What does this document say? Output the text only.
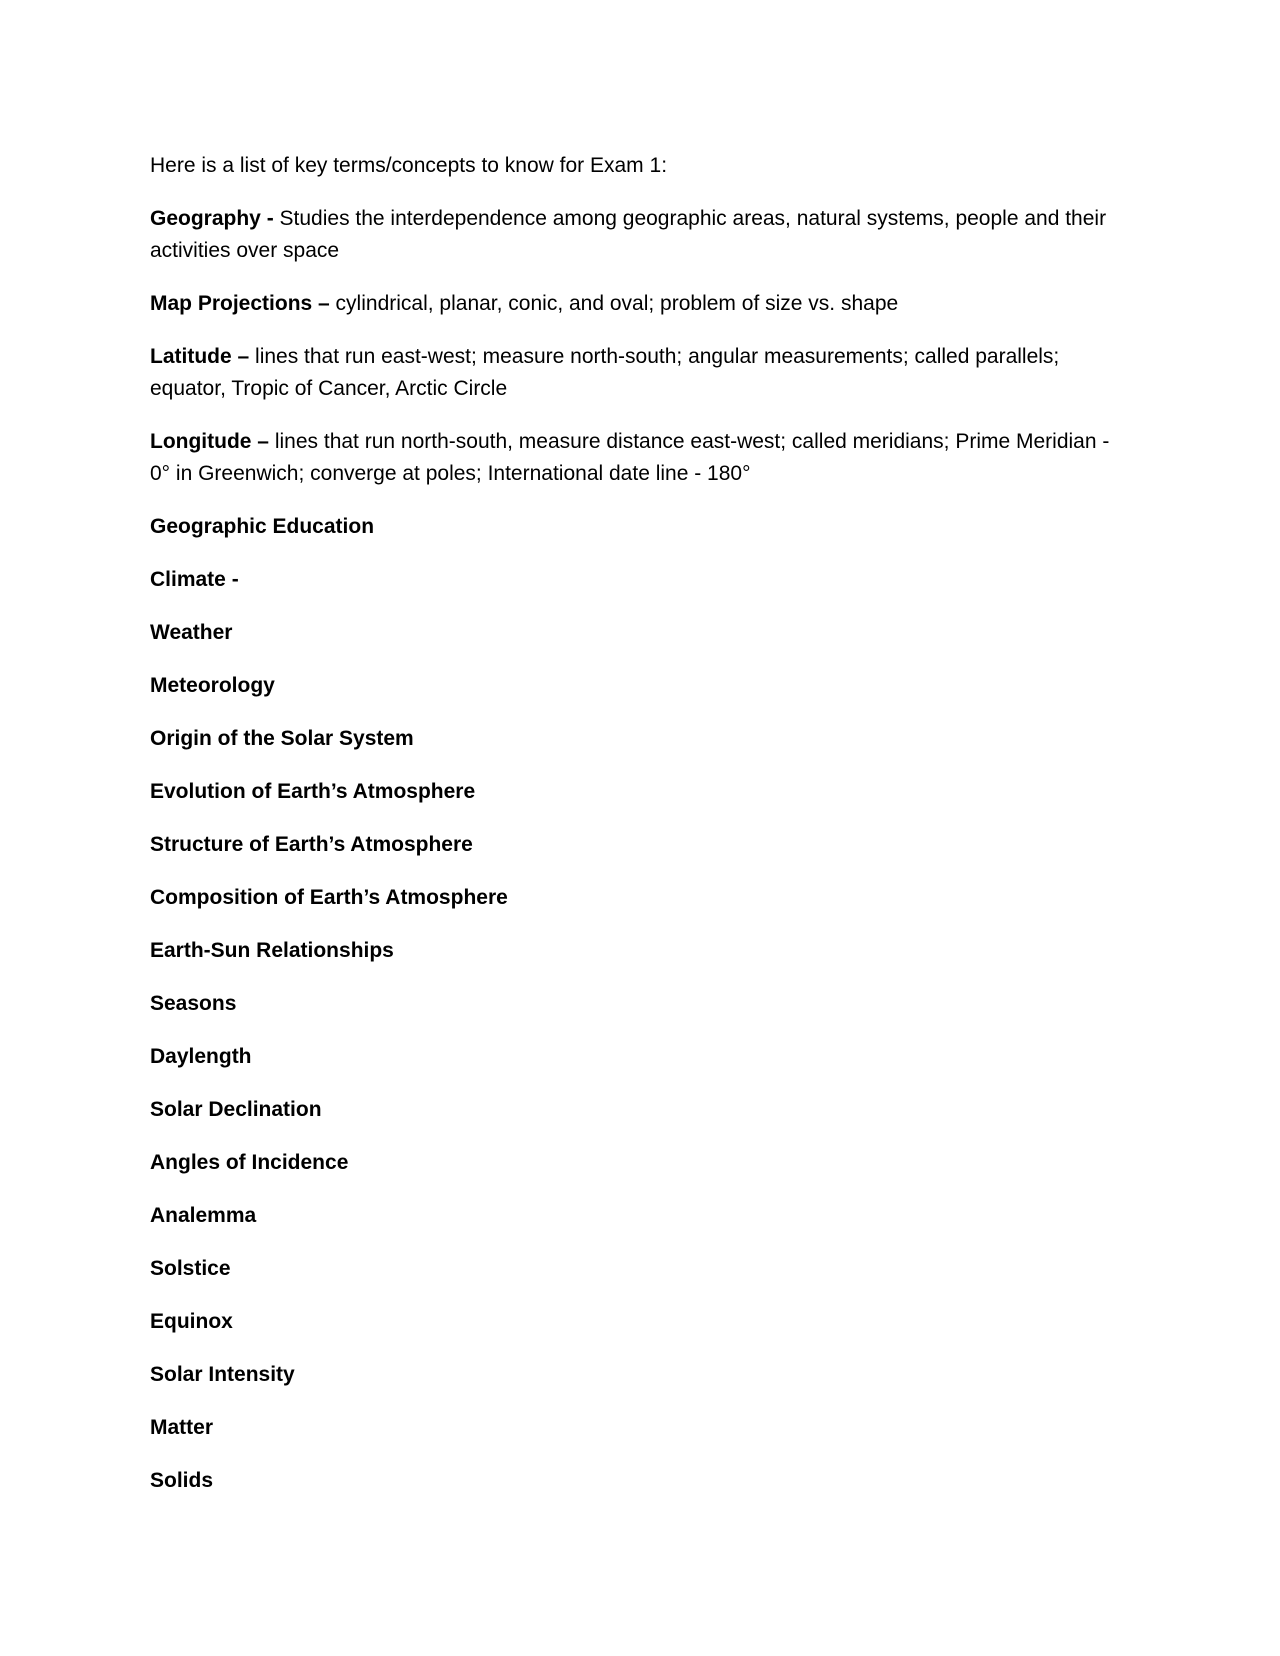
Here is a list of key terms/concepts to know for Exam 1:

Geography - Studies the interdependence among geographic areas, natural systems, people and their activities over space

Map Projections – cylindrical, planar, conic, and oval; problem of size vs. shape

Latitude – lines that run east-west; measure north-south; angular measurements; called parallels; equator, Tropic of Cancer, Arctic Circle

Longitude – lines that run north-south, measure distance east-west; called meridians; Prime Meridian - 0° in Greenwich; converge at poles; International date line - 180°

Geographic Education

Climate -

Weather

Meteorology

Origin of the Solar System

Evolution of Earth’s Atmosphere

Structure of Earth’s Atmosphere

Composition of Earth’s Atmosphere

Earth-Sun Relationships

Seasons

Daylength

Solar Declination

Angles of Incidence

Analemma

Solstice

Equinox

Solar Intensity

Matter

Solids
